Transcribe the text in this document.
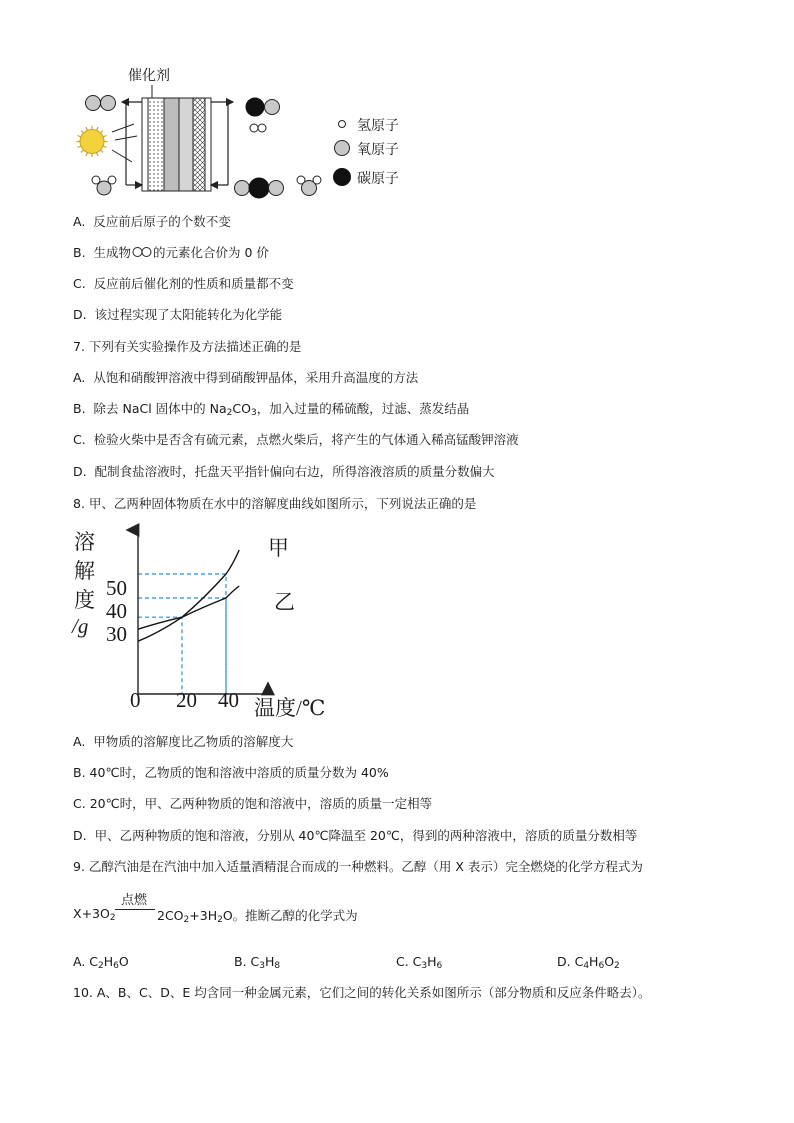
催化剂
氢原子
氧原子
碳原子
A. 反应前后原子的个数不变
B. 生成物 的元素化合价为 0 价
C. 反应前后催化剂的性质和质量都不变
D. 该过程实现了太阳能转化为化学能
7. 下列有关实验操作及方法描述正确的是
A. 从饱和硝酸钾溶液中得到硝酸钾晶体，采用升高温度的方法
B. 除去 NaCl 固体中的 $Na_2CO_3$，加入过量的稀硫酸，过滤、蒸发结晶
C. 检验火柴中是否含有硫元素，点燃火柴后，将产生的气体通入稀高锰酸钾溶液
D. 配制食盐溶液时，托盘天平指针偏向右边，所得溶液溶质的质量分数偏大
8. 甲、乙两种固体物质在水中的溶解度曲线如图所示，下列说法正确的是
溶
解
度
/g
50
40
30
0 20 40 温度/℃
甲
乙
A. 甲物质的溶解度比乙物质的溶解度大
B. 40℃时，乙物质的饱和溶液中溶质的质量分数为 40%
C. 20℃时，甲、乙两种物质的饱和溶液中，溶质的质量一定相等
D. 甲、乙两种物质的饱和溶液，分别从 40℃降温至 20℃，得到的两种溶液中，溶质的质量分数相等
9. 乙醇汽油是在汽油中加入适量酒精混合而成的一种燃料。乙醇（用 X 表示）完全燃烧的化学方程式为
$X+3O_2$
点燃
$2CO_2+3H_2O$。推断乙醇的化学式为
A. $C_2H_6O$	B. $C_3H_8$	C. $C_3H_6$	D. $C_4H_6O_2$
10. A、B、C、D、E 均含同一种金属元素，它们之间的转化关系如图所示（部分物质和反应条件略去）。
